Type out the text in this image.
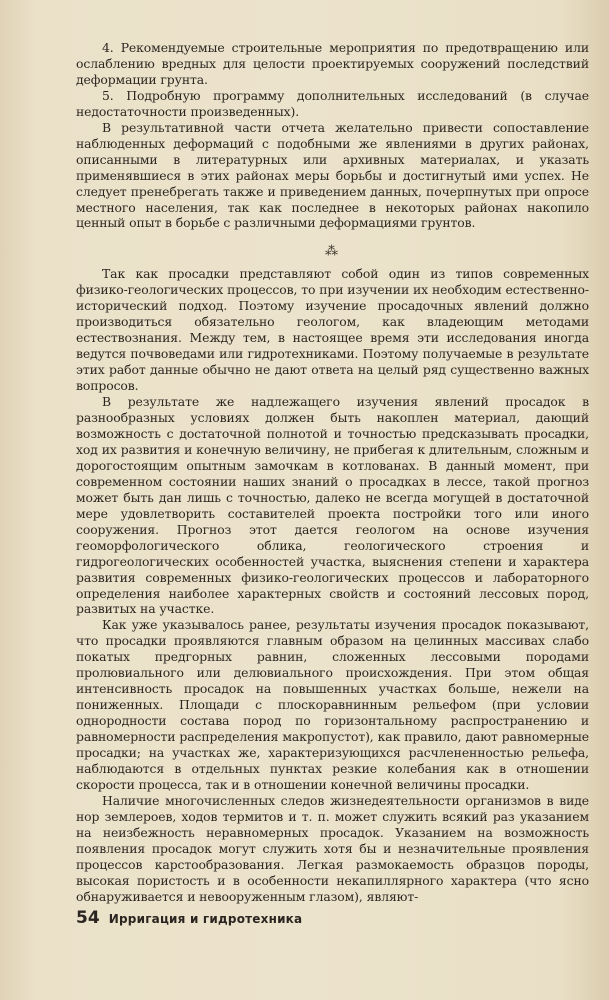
4. Рекомендуемые строительные мероприятия по предотвращению или ослаблению вредных для целости проектируемых сооружений последствий деформации грунта.

5. Подробную программу дополнительных исследований (в случае недостаточности произведенных).

В результативной части отчета желательно привести сопоставление наблюденных деформаций с подобными же явлениями в других районах, описанными в литературных или архивных материалах, и указать применявшиеся в этих районах меры борьбы и достигнутый ими успех. Не следует пренебрегать также и приведением данных, почерпнутых при опросе местного населения, так как последнее в некоторых районах накопило ценный опыт в борьбе с различными деформациями грунтов.

⁂

Так как просадки представляют собой один из типов современных физико-геологических процессов, то при изучении их необходим естественно-исторический подход. Поэтому изучение просадочных явлений должно производиться обязательно геологом, как владеющим методами естествознания. Между тем, в настоящее время эти исследования иногда ведутся почвоведами или гидротехниками. Поэтому получаемые в результате этих работ данные обычно не дают ответа на целый ряд существенно важных вопросов.

В результате же надлежащего изучения явлений просадок в разнообразных условиях должен быть накоплен материал, дающий возможность с достаточной полнотой и точностью предсказывать просадки, ход их развития и конечную величину, не прибегая к длительным, сложным и дорогостоящим опытным замочкам в котлованах. В данный момент, при современном состоянии наших знаний о просадках в лессе, такой прогноз может быть дан лишь с точностью, далеко не всегда могущей в достаточной мере удовлетворить составителей проекта постройки того или иного сооружения. Прогноз этот дается геологом на основе изучения геоморфологического облика, геологического строения и гидрогеологических особенностей участка, выяснения степени и характера развития современных физико-геологических процессов и лабораторного определения наиболее характерных свойств и состояний лессовых пород, развитых на участке.

Как уже указывалось ранее, результаты изучения просадок показывают, что просадки проявляются главным образом на целинных массивах слабо покатых предгорных равнин, сложенных лессовыми породами пролювиального или делювиального происхождения. При этом общая интенсивность просадок на повышенных участках больше, нежели на пониженных. Площади с плоскоравнинным рельефом (при условии однородности состава пород по горизонтальному распространению и равномерности распределения макропустот), как правило, дают равномерные просадки; на участках же, характеризующихся расчлененностью рельефа, наблюдаются в отдельных пунктах резкие колебания как в отношении скорости процесса, так и в отношении конечной величины просадки.

Наличие многочисленных следов жизнедеятельности организмов в виде нор землероев, ходов термитов и т. п. может служить всякий раз указанием на неизбежность неравномерных просадок. Указанием на возможность появления просадок могут служить хотя бы и незначительные проявления процессов карстообразования. Легкая размокаемость образцов породы, высокая пористость и в особенности некапиллярного характера (что ясно обнаруживается и невооруженным глазом), являют-

54 Ирригация и гидротехника
